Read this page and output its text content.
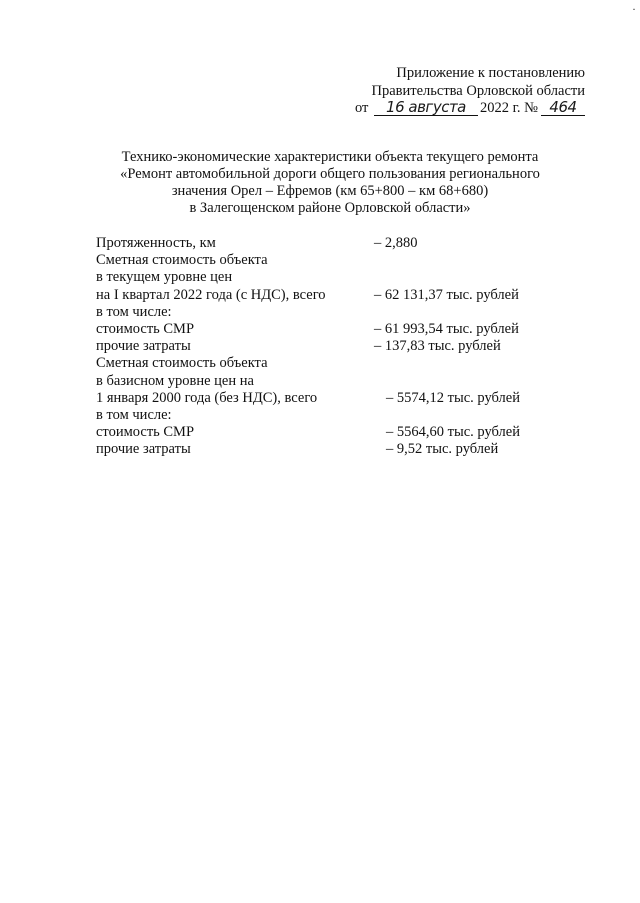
·
Приложение к постановлению
Правительства Орловской области
от 16 августа 2022 г. № 464
Технико-экономические характеристики объекта текущего ремонта
«Ремонт автомобильной дороги общего пользования регионального
значения Орел – Ефремов (км 65+800 – км 68+680)
в Залегощенском районе Орловской области»
Протяженность, км	– 2,880
Сметная стоимость объекта
в текущем уровне цен
на I квартал 2022 года (с НДС), всего	– 62 131,37 тыс. рублей
в том числе:
стоимость СМР	– 61 993,54 тыс. рублей
прочие затраты	– 137,83 тыс. рублей
Сметная стоимость объекта
в базисном уровне цен на
1 января 2000 года (без НДС), всего	– 5574,12 тыс. рублей
в том числе:
стоимость СМР	– 5564,60 тыс. рублей
прочие затраты	– 9,52 тыс. рублей
